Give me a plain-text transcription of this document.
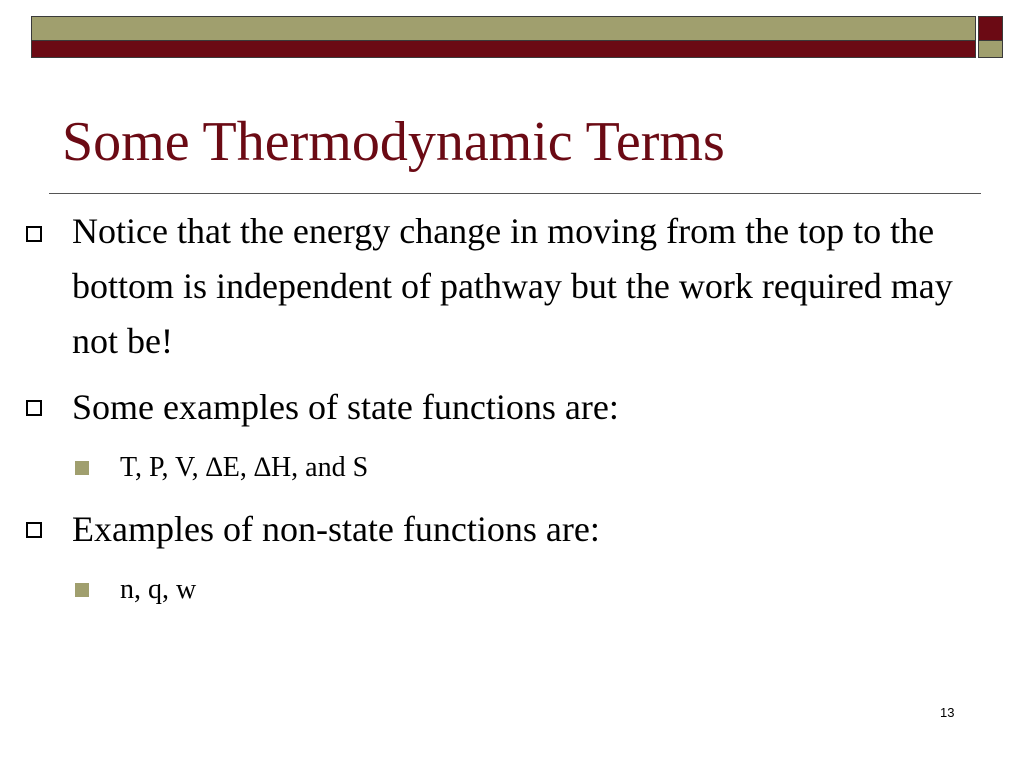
Some Thermodynamic Terms
Notice that the energy change in moving from the top to the bottom is independent of pathway but the work required may not be!
Some examples of state functions are:
T, P, V, ∆E, ∆H, and S
Examples of non-state functions are:
n, q, w
13
